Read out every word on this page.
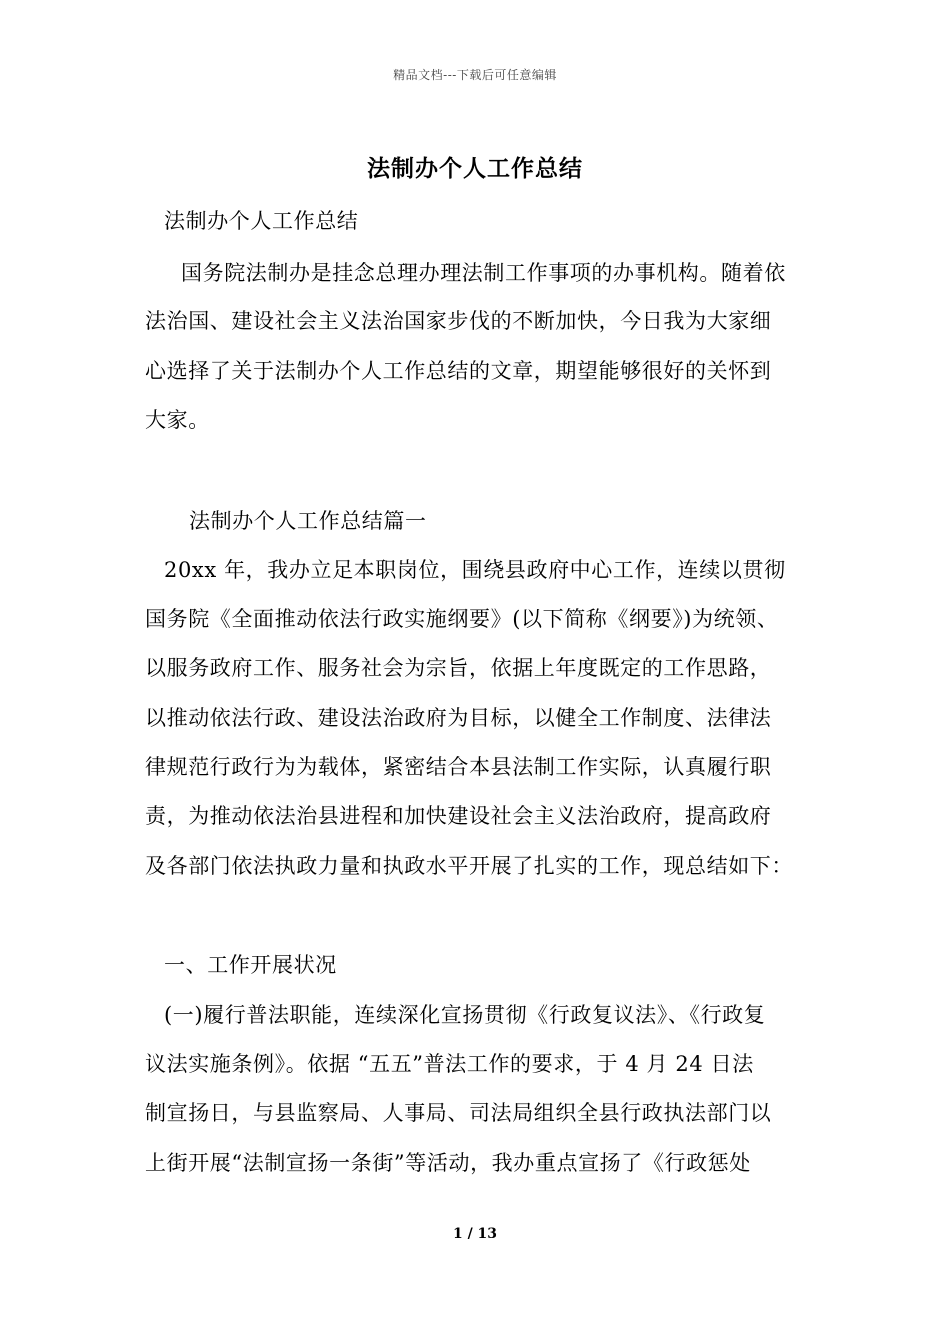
精品文档---下载后可任意编辑
法制办个人工作总结
法制办个人工作总结
国务院法制办是挂念总理办理法制工作事项的办事机构。随着依
法治国、建设社会主义法治国家步伐的不断加快，今日我为大家细
心选择了关于法制办个人工作总结的文章，期望能够很好的关怀到
大家。
法制办个人工作总结篇一
20xx 年，我办立足本职岗位，围绕县政府中心工作，连续以贯彻
国务院《全面推动依法行政实施纲要》(以下简称《纲要》)为统领、
以服务政府工作、服务社会为宗旨，依据上年度既定的工作思路，
以推动依法行政、建设法治政府为目标，以健全工作制度、法律法
律规范行政行为为载体，紧密结合本县法制工作实际，认真履行职
责，为推动依法治县进程和加快建设社会主义法治政府，提高政府
及各部门依法执政力量和执政水平开展了扎实的工作，现总结如下：
一、工作开展状况
(一)履行普法职能，连续深化宣扬贯彻《行政复议法》、《行政复
议法实施条例》。依据 “五五”普法工作的要求，于 4 月 24 日法
制宣扬日，与县监察局、人事局、司法局组织全县行政执法部门以
上街开展“法制宣扬一条街”等活动，我办重点宣扬了《行政惩处
1 / 13
